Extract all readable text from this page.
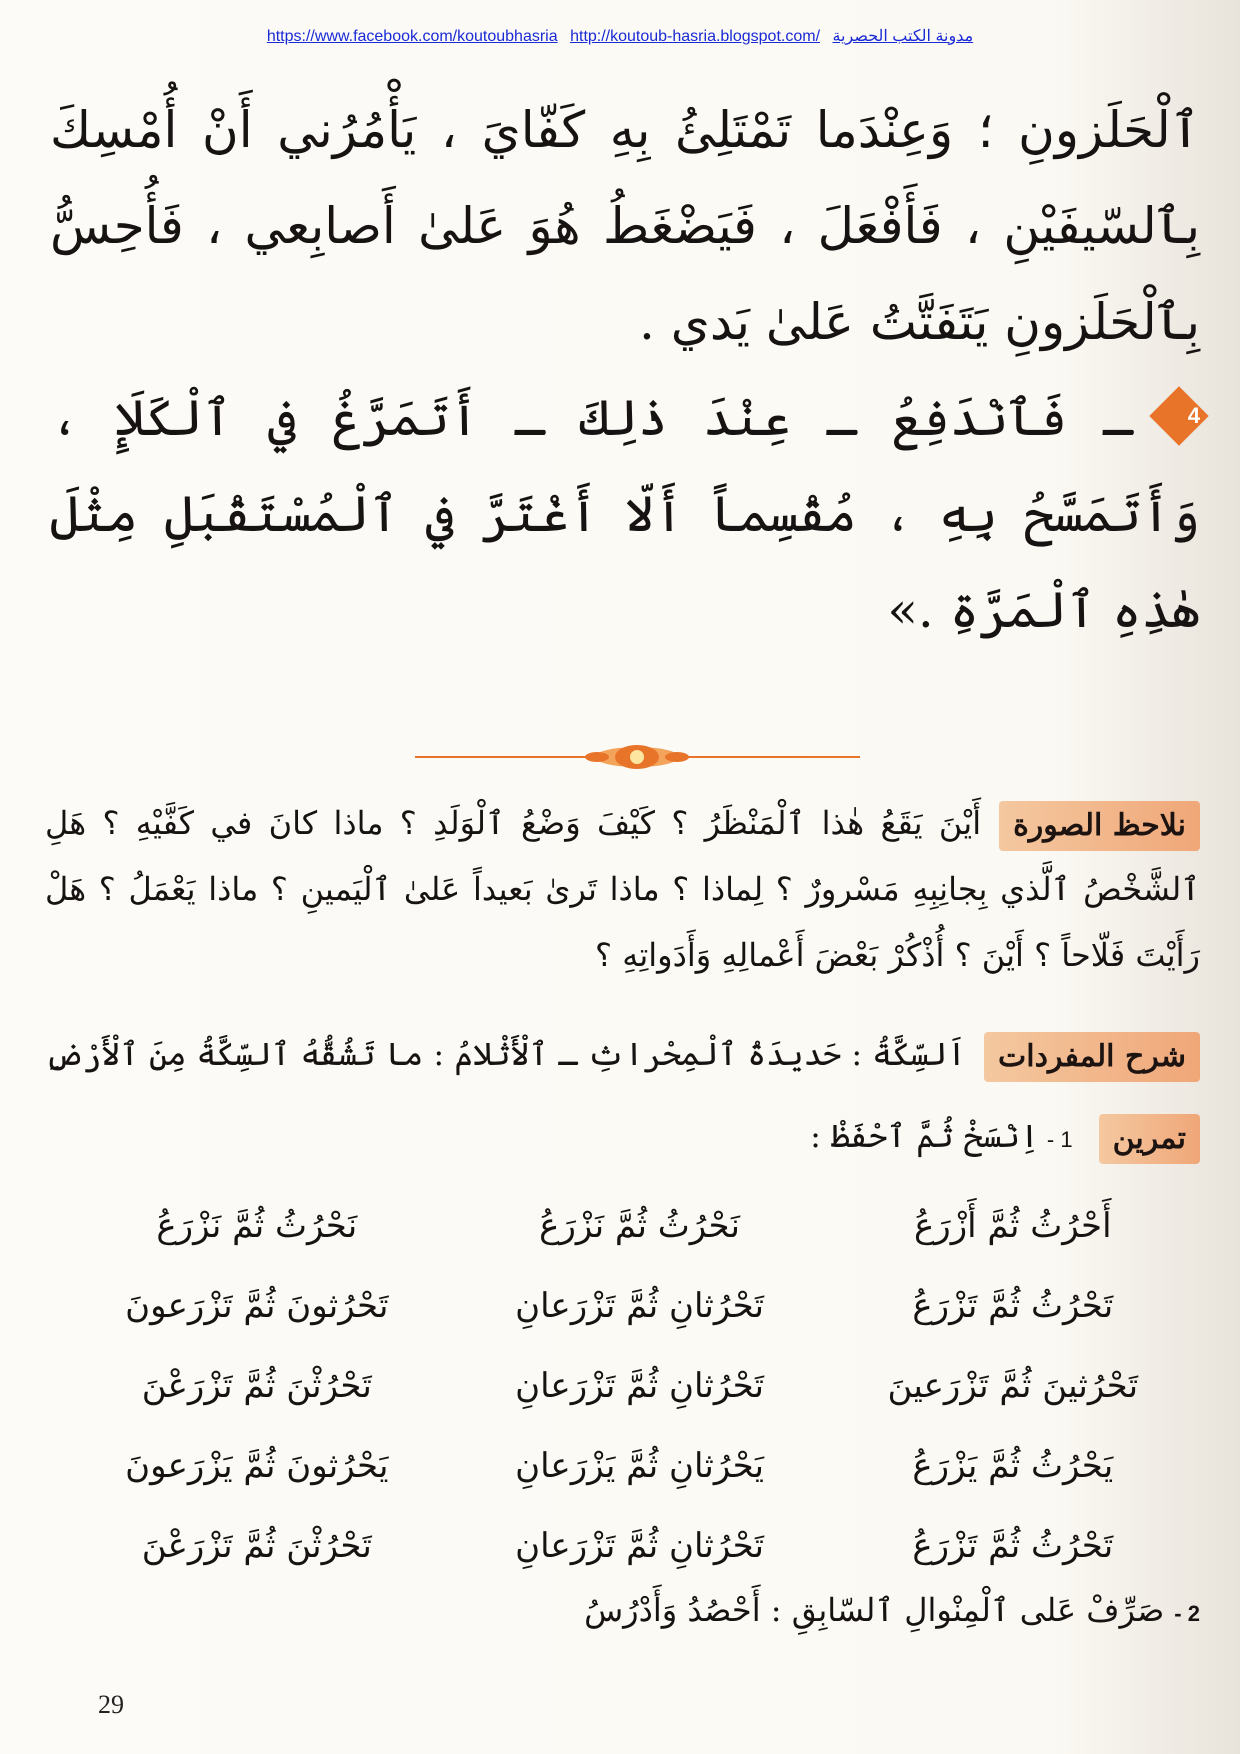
https://www.facebook.com/koutoubhasria http://koutoub-hasria.blogspot.com/ مدونة الكتب الحصرية

ٱلْحَلَزونِ ؛ وَعِنْدَما تَمْتَلِئُ بِهِ كَفّايَ ، يَأْمُرُني أَنْ أُمْسِكَ بِٱلسّيفَيْنِ ، فَأَفْعَلَ ، فَيَضْغَطُ هُوَ عَلىٰ أَصابِعي ، فَأُحِسُّ بِٱلْحَلَزونِ يَتَفَتَّتُ عَلىٰ يَدي .

4
ـ فَٱنْدَفِعُ ـ عِنْدَ ذٰلِكَ ـ أَتَمَرَّغُ في ٱلْكَلَإِ ، وَأَتَمَسَّحُ بِهِ ، مُقْسِماً أَلّا أَغْتَرَّ في ٱلْمُسْتَقْبَلِ مِثْلَ هٰذِهِ ٱلْمَرَّةِ .»

نلاحظ الصورةأَيْنَ يَقَعُ هٰذا ٱلْمَنْظَرُ ؟ كَيْفَ وَضْعُ ٱلْوَلَدِ ؟ ماذا كانَ في كَفَّيْهِ ؟ هَلِ ٱلشَّخْصُ ٱلَّذي بِجانِبِهِ مَسْرورٌ ؟ لِماذا ؟ ماذا تَرىٰ بَعيداً عَلىٰ ٱلْيَمينِ ؟ ماذا يَعْمَلُ ؟ هَلْ رَأَيْتَ فَلّاحاً ؟ أَيْنَ ؟ أُذْكُرْ بَعْضَ أَعْمالِهِ وَأَدَواتِهِ ؟
شرح المفرداتاَلسِّكَّةُ : حَديدَةُ ٱلْمِحْراثِ ـ ٱلْأَثْلامُ : ما تَشُقُّهُ ٱلسِّكَّةُ مِنَ ٱلْأَرْضِ
تمرين1 -اِنْسَخْ ثُمَّ ٱحْفَظْ :
أَحْرُثُ ثُمَّ أَزْرَعُ	نَحْرُثُ ثُمَّ نَزْرَعُ	نَحْرُثُ ثُمَّ نَزْرَعُ
تَحْرُثُ ثُمَّ تَزْرَعُ	تَحْرُثانِ ثُمَّ تَزْرَعانِ	تَحْرُثونَ ثُمَّ تَزْرَعونَ
تَحْرُثينَ ثُمَّ تَزْرَعينَ	تَحْرُثانِ ثُمَّ تَزْرَعانِ	تَحْرُثْنَ ثُمَّ تَزْرَعْنَ
يَحْرُثُ ثُمَّ يَزْرَعُ	يَحْرُثانِ ثُمَّ يَزْرَعانِ	يَحْرُثونَ ثُمَّ يَزْرَعونَ
تَحْرُثُ ثُمَّ تَزْرَعُ	تَحْرُثانِ ثُمَّ تَزْرَعانِ	تَحْرُثْنَ ثُمَّ تَزْرَعْنَ
2 -صَرِّفْ عَلى ٱلْمِنْوالِ ٱلسّابِقِ : أَحْصُدُ وَأَدْرُسُ
29
